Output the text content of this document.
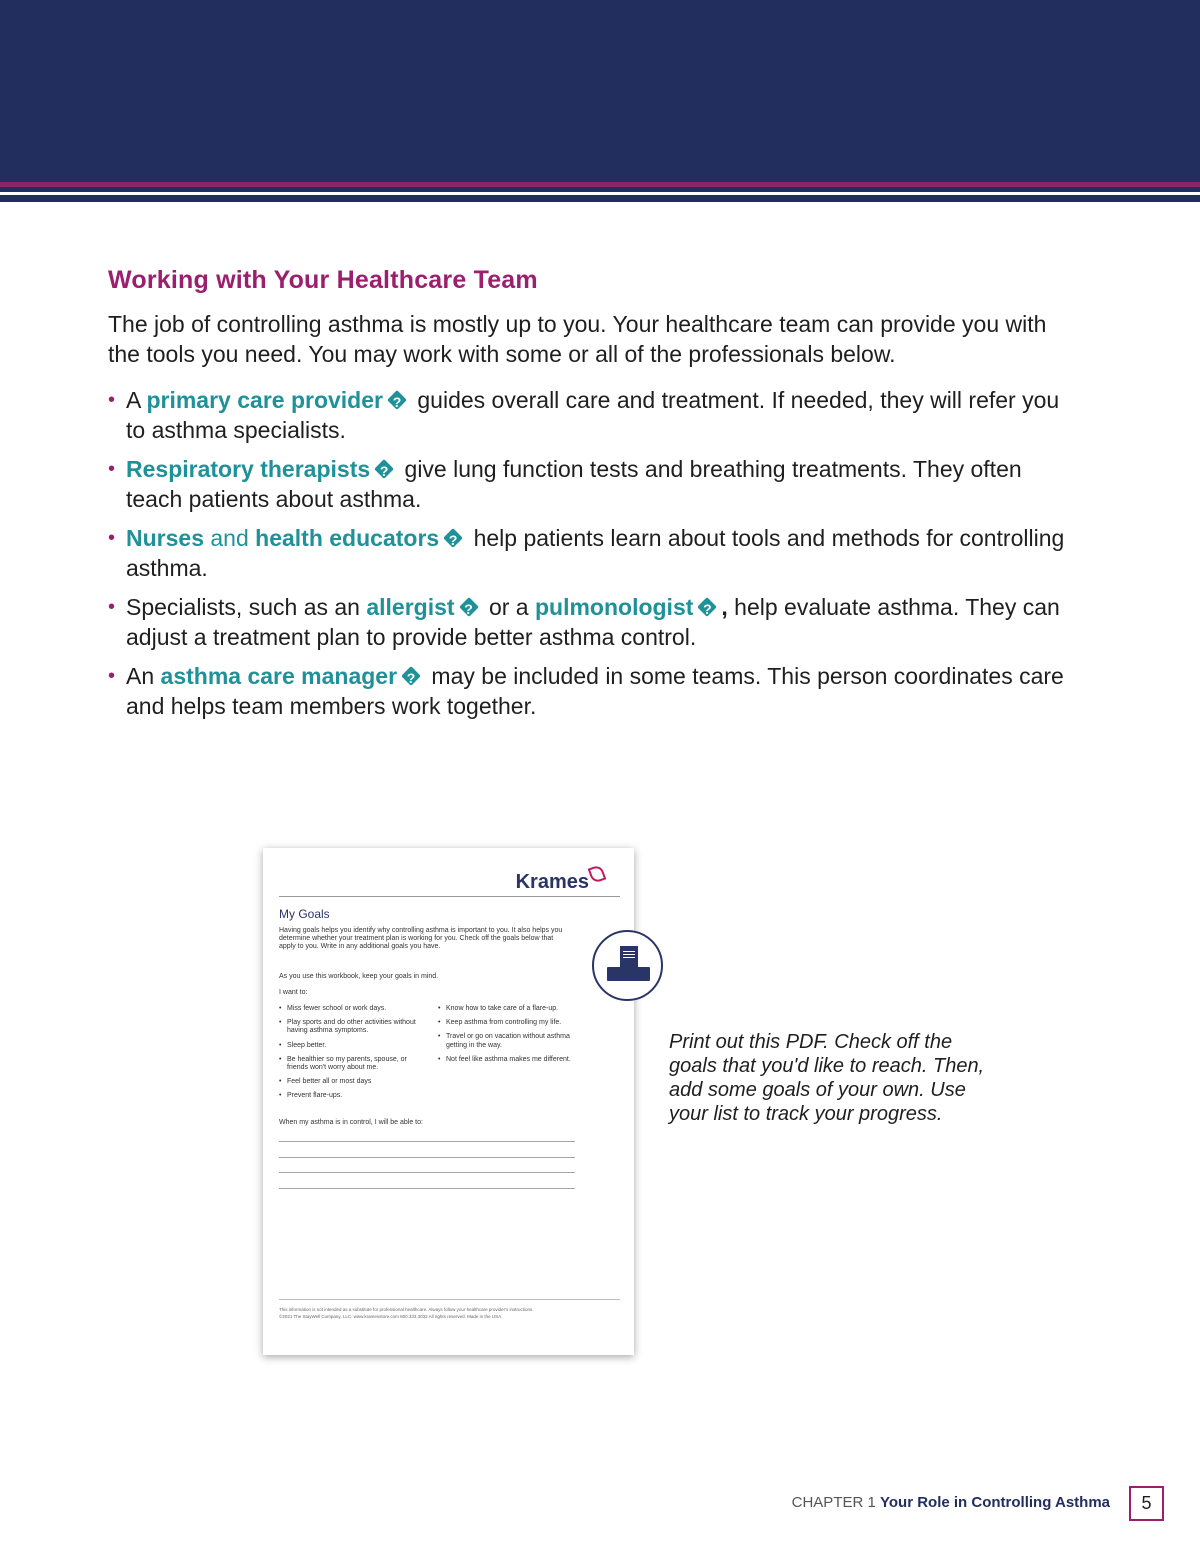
Working with Your Healthcare Team

The job of controlling asthma is mostly up to you. Your healthcare team can provide you with the tools you need. You may work with some or all of the professionals below.

• A primary care provider? guides overall care and treatment. If needed, they will refer you to asthma specialists.
• Respiratory therapists? give lung function tests and breathing treatments. They often teach patients about asthma.
• Nurses and health educators? help patients learn about tools and methods for controlling asthma.
• Specialists, such as an allergist? or a pulmonologist? , help evaluate asthma. They can adjust a treatment plan to provide better asthma control.
• An asthma care manager? may be included in some teams. This person coordinates care and helps team members work together.
Krames
My Goals
Having goals helps you identify why controlling asthma is important to you. It also helps you determine whether your treatment plan is working for you. Check off the goals below that apply to you. Write in any additional goals you have.
As you use this workbook, keep your goals in mind.
I want to:
• Miss fewer school or work days.
• Play sports and do other activities without having asthma symptoms.
• Sleep better.
• Be healthier so my parents, spouse, or friends won't worry about me.
• Feel better all or most days
• Prevent flare-ups.
• Know how to take care of a flare-up.
• Keep asthma from controlling my life.
• Travel or go on vacation without asthma getting in the way.
• Not feel like asthma makes me different.
When my asthma is in control, I will be able to:
This information is not intended as a substitute for professional healthcare. Always follow your healthcare provider's instructions.
©2021 The StayWell Company, LLC. www.kramesstore.com 800.333.3032 All rights reserved. Made in the USA.

Print out this PDF. Check off the goals that you'd like to reach. Then, add some goals of your own. Use your list to track your progress.

CHAPTER 1 Your Role in Controlling Asthma	5
